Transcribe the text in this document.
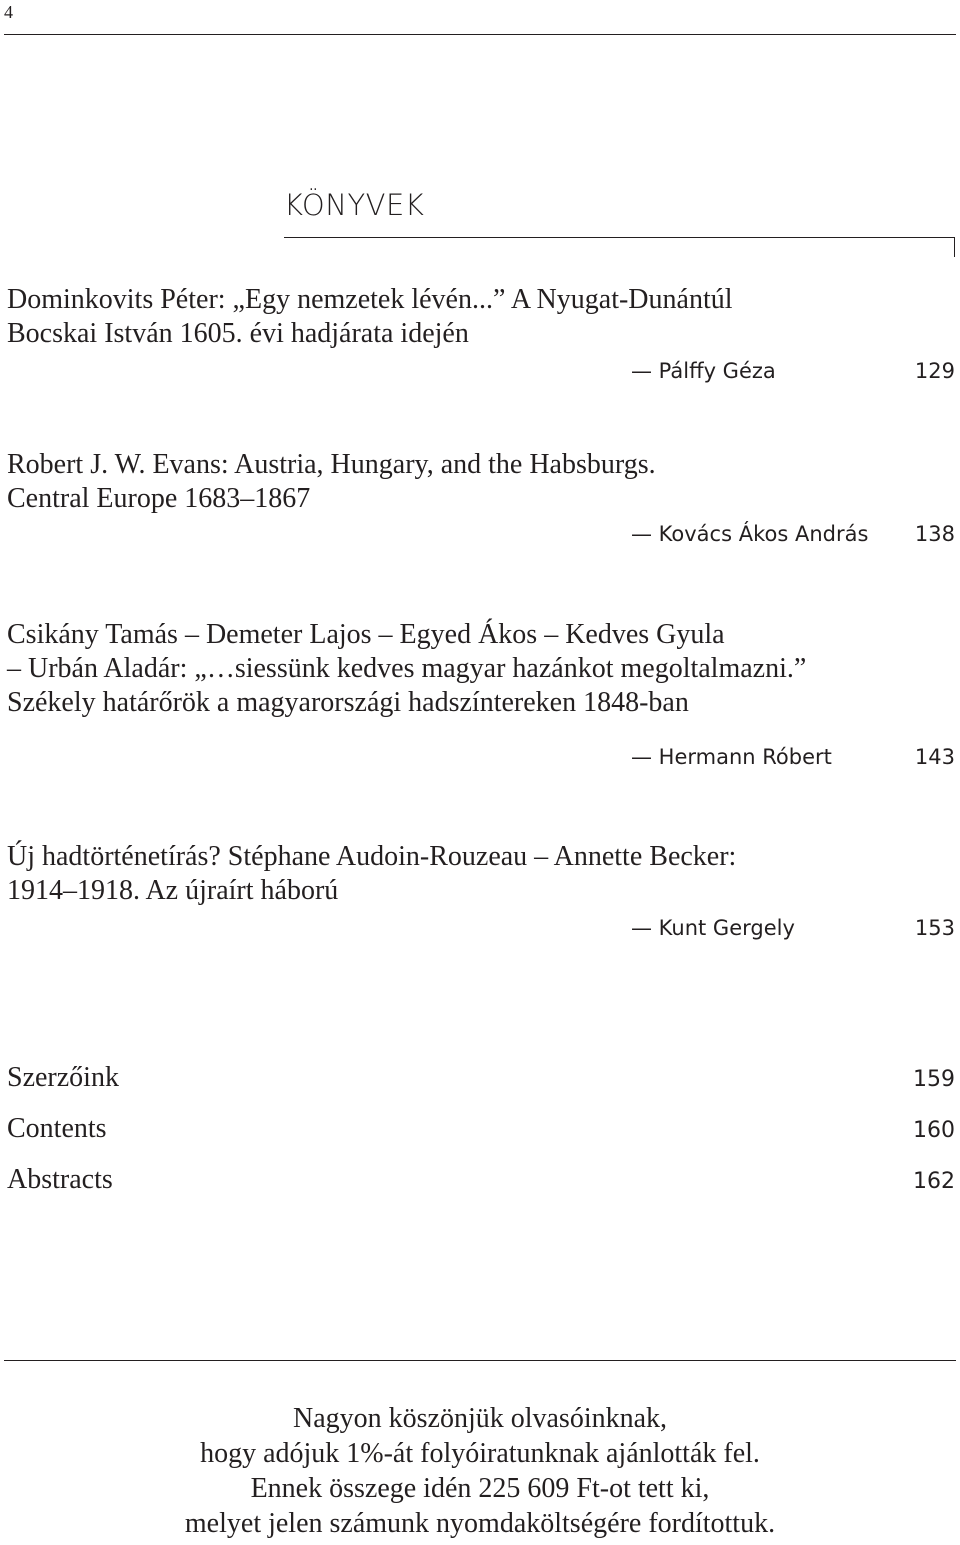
4
KÖNYVEK
Dominkovits Péter: „Egy nemzetek lévén...” A Nyugat-Dunántúl
Bocskai István 1605. évi hadjárata idején
— Pálffy Géza	129
Robert J. W. Evans: Austria, Hungary, and the Habsburgs.
Central Europe 1683–1867
— Kovács Ákos András 138
Csikány Tamás – Demeter Lajos – Egyed Ákos – Kedves Gyula
– Urbán Aladár: „…siessünk kedves magyar hazánkot megoltalmazni.”
Székely határőrök a magyarországi hadszíntereken 1848-ban
— Hermann Róbert	143
Új hadtörténetírás? Stéphane Audoin-Rouzeau – Annette Becker:
1914–1918. Az újraírt háború
— Kunt Gergely	153
Szerzőink	159
Contents	160
Abstracts	162
Nagyon köszönjük olvasóinknak,
hogy adójuk 1%-át folyóiratunknak ajánlották fel.
Ennek összege idén 225 609 Ft-ot tett ki,
melyet jelen számunk nyomdaköltségére fordítottuk.
